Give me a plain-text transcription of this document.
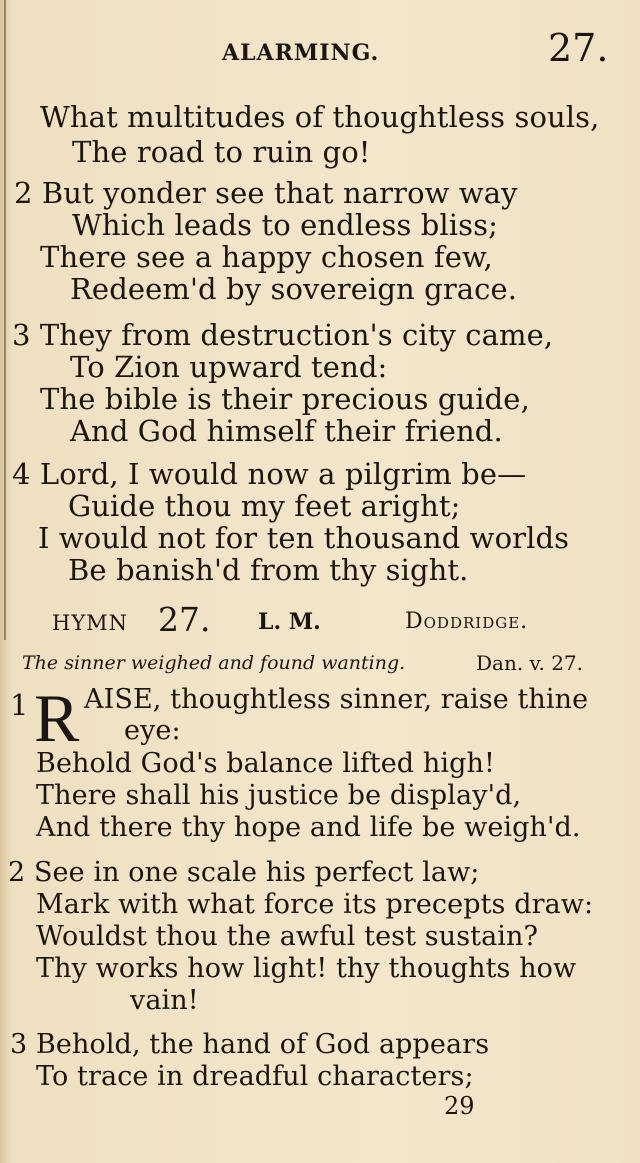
ALARMING.	27.
What multitudes of thoughtless souls,
The road to ruin go!
2 But yonder see that narrow way
Which leads to endless bliss;
There see a happy chosen few,
Redeem'd by sovereign grace.
3 They from destruction's city came,
To Zion upward tend:
The bible is their precious guide,
And God himself their friend.
4 Lord, I would now a pilgrim be—
Guide thou my feet aright;
I would not for ten thousand worlds
Be banish'd from thy sight.
HYMN 27. L. M.	Doddridge.
The sinner weighed and found wanting.	Dan. v. 27.
1 R AISE, thoughtless sinner, raise thine
eye:
Behold God's balance lifted high!
There shall his justice be display'd,
And there thy hope and life be weigh'd.
2 See in one scale his perfect law;
Mark with what force its precepts draw:
Wouldst thou the awful test sustain?
Thy works how light! thy thoughts how
vain!
3 Behold, the hand of God appears
To trace in dreadful characters;
29
